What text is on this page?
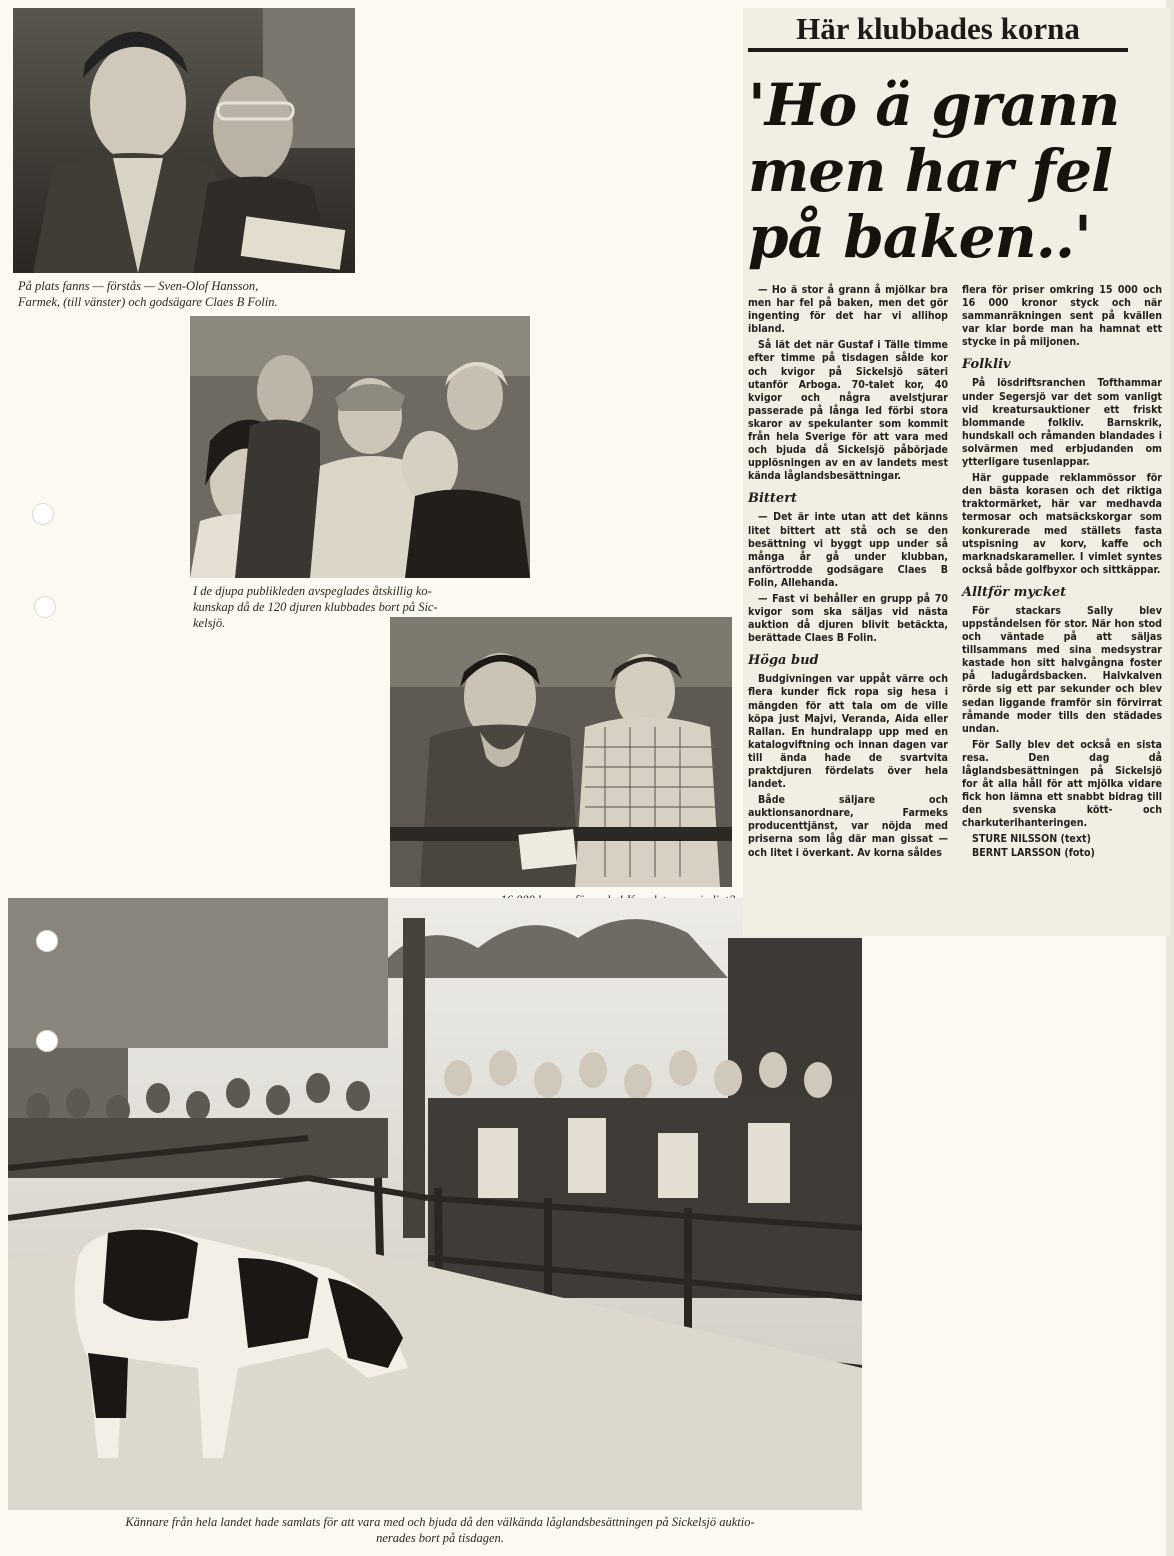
På plats fanns — förstås — Sven-Olof Hansson,
Farmek, (till vänster) och godsägare Claes B Folin.
I de djupa publikleden avspeglades åtskillig ko-
kunskap då de 120 djuren klubbades bort på Sic-
kelsjö.
Kännare från hela landet hade samlats för att vara med och bjuda då den välkända låglandsbesättningen på Sickelsjö auktio-
nerades bort på tisdagen.
Här klubbades korna
'Ho ä grann
men har fel
på baken..'

— Ho ä stor å grann å mjölkar bra men har fel på baken, men det gör ingenting för det har vi allihop ibland.

Så lät det när Gustaf i Tälle timme efter timme på tisdagen sålde kor och kvigor på Sickelsjö säteri utanför Arboga. 70-talet kor, 40 kvigor och några avelstjurar passerade på långa led förbi stora skaror av spekulanter som kommit från hela Sverige för att vara med och bjuda då Sickelsjö påbörjade upplösningen av en av landets mest kända låglandsbesättningar.

Bittert

— Det är inte utan att det känns litet bittert att stå och se den besättning vi byggt upp under så många år gå under klubban, anförtrodde godsägare Claes B Folin, Allehanda.

— Fast vi behåller en grupp på 70 kvigor som ska säljas vid nästa auktion då djuren blivit betäckta, berättade Claes B Folin.

Höga bud

Budgivningen var uppåt värre och flera kunder fick ropa sig hesa i mängden för att tala om de ville köpa just Majvi, Veranda, Aida eller Rallan. En hundralapp upp med en katalogviftning och innan dagen var till ända hade de svartvita praktdjuren fördelats över hela landet.

Både säljare och auktionsanordnare, Farmeks producenttjänst, var nöjda med priserna som låg där man gissat — och litet i överkant. Av korna såldes

flera för priser omkring 15 000 och 16 000 kronor styck och när sammanräkningen sent på kvällen var klar borde man ha hamnat ett stycke in på miljonen.

Folkliv

På lösdriftsranchen Tofthammar under Segersjö var det som vanligt vid kreatursauktioner ett friskt blommande folkliv. Barnskrik, hundskall och råmanden blandades i solvärmen med erbjudanden om ytterligare tusenlappar.

Här guppade reklammössor för den bästa korasen och det riktiga traktormärket, här var medhavda termosar och matsäckskorgar som konkurerade med ställets fasta utspisning av korv, kaffe och marknadskarameller. I vimlet syntes också både golfbyxor och sittkäppar.

Alltför mycket

För stackars Sally blev uppståndelsen för stor. När hon stod och väntade på att säljas tillsammans med sina medsystrar kastade hon sitt halvgångna foster på ladugårdsbacken. Halvkalven rörde sig ett par sekunder och blev sedan liggande framför sin förvirrat råmande moder tills den städades undan.

För Sally blev det också en sista resa. Den dag då låglandsbesättningen på Sickelsjö for åt alla håll för att mjölka vidare fick hon lämna ett snabbt bidrag till den svenska kött- och charkuterihanteringen.

STURE NILSSON (text)
BERNT LARSSON (foto)
